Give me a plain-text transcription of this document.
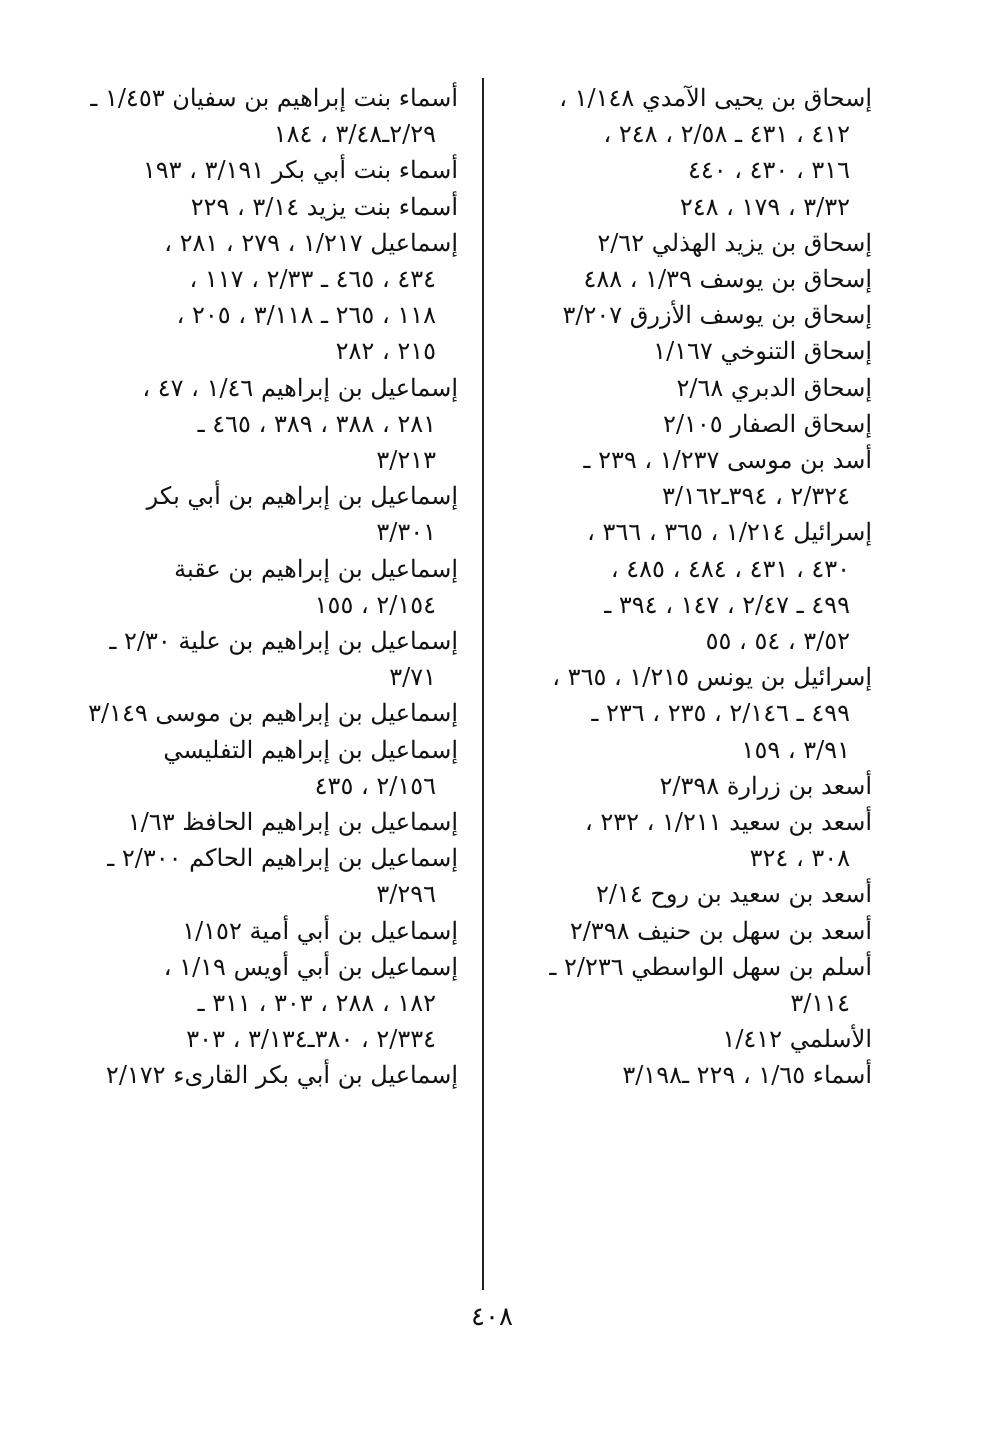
إسحاق بن يحيى الآمدي ١/١٤٨ ،
٤١٢ ، ٤٣١ ـ ٢/٥٨ ، ٢٤٨ ،
٣١٦ ، ٤٣٠ ، ٤٤٠
٣/٣٢ ، ١٧٩ ، ٢٤٨
إسحاق بن يزيد الهذلي ٢/٦٢
إسحاق بن يوسف ١/٣٩ ، ٤٨٨
إسحاق بن يوسف الأزرق ٣/٢٠٧
إسحاق التنوخي ١/١٦٧
إسحاق الدبري ٢/٦٨
إسحاق الصفار ٢/١٠٥
أسد بن موسى ١/٢٣٧ ، ٢٣٩ ـ
٢/٣٢٤ ، ٣٩٤ـ٣/١٦٢
إسرائيل ١/٢١٤ ، ٣٦٥ ، ٣٦٦ ،
٤٣٠ ، ٤٣١ ، ٤٨٤ ، ٤٨٥ ،
٤٩٩ ـ ٢/٤٧ ، ١٤٧ ، ٣٩٤ ـ
٣/٥٢ ، ٥٤ ، ٥٥
إسرائيل بن يونس ١/٢١٥ ، ٣٦٥ ،
٤٩٩ ـ ٢/١٤٦ ، ٢٣٥ ، ٢٣٦ ـ
٣/٩١ ، ١٥٩
أسعد بن زرارة ٢/٣٩٨
أسعد بن سعيد ١/٢١١ ، ٢٣٢ ،
٣٠٨ ، ٣٢٤
أسعد بن سعيد بن روح ٢/١٤
أسعد بن سهل بن حنيف ٢/٣٩٨
أسلم بن سهل الواسطي ٢/٢٣٦ ـ
٣/١١٤
الأسلمي ١/٤١٢
أسماء ١/٦٥ ، ٢٢٩ ـ٣/١٩٨
أسماء بنت إبراهيم بن سفيان ١/٤٥٣ ـ
٢/٢٩ـ٣/٤٨ ، ١٨٤
أسماء بنت أبي بكر ٣/١٩١ ، ١٩٣
أسماء بنت يزيد ٣/١٤ ، ٢٢٩
إسماعيل ١/٢١٧ ، ٢٧٩ ، ٢٨١ ،
٤٣٤ ، ٤٦٥ ـ ٢/٣٣ ، ١١٧ ،
١١٨ ، ٢٦٥ ـ ٣/١١٨ ، ٢٠٥ ،
٢١٥ ، ٢٨٢
إسماعيل بن إبراهيم ١/٤٦ ، ٤٧ ،
٢٨١ ، ٣٨٨ ، ٣٨٩ ، ٤٦٥ ـ
٣/٢١٣
إسماعيل بن إبراهيم بن أبي بكر
٣/٣٠١
إسماعيل بن إبراهيم بن عقبة
٢/١٥٤ ، ١٥٥
إسماعيل بن إبراهيم بن علية ٢/٣٠ ـ
٣/٧١
إسماعيل بن إبراهيم بن موسى ٣/١٤٩
إسماعيل بن إبراهيم التفليسي
٢/١٥٦ ، ٤٣٥
إسماعيل بن إبراهيم الحافظ ١/٦٣
إسماعيل بن إبراهيم الحاكم ٢/٣٠٠ ـ
٣/٢٩٦
إسماعيل بن أبي أمية ١/١٥٢
إسماعيل بن أبي أويس ١/١٩ ،
١٨٢ ، ٢٨٨ ، ٣٠٣ ، ٣١١ ـ
٢/٣٣٤ ، ٣٨٠ـ٣/١٣٤ ، ٣٠٣
إسماعيل بن أبي بكر القارىء ٢/١٧٢
٤٠٨
